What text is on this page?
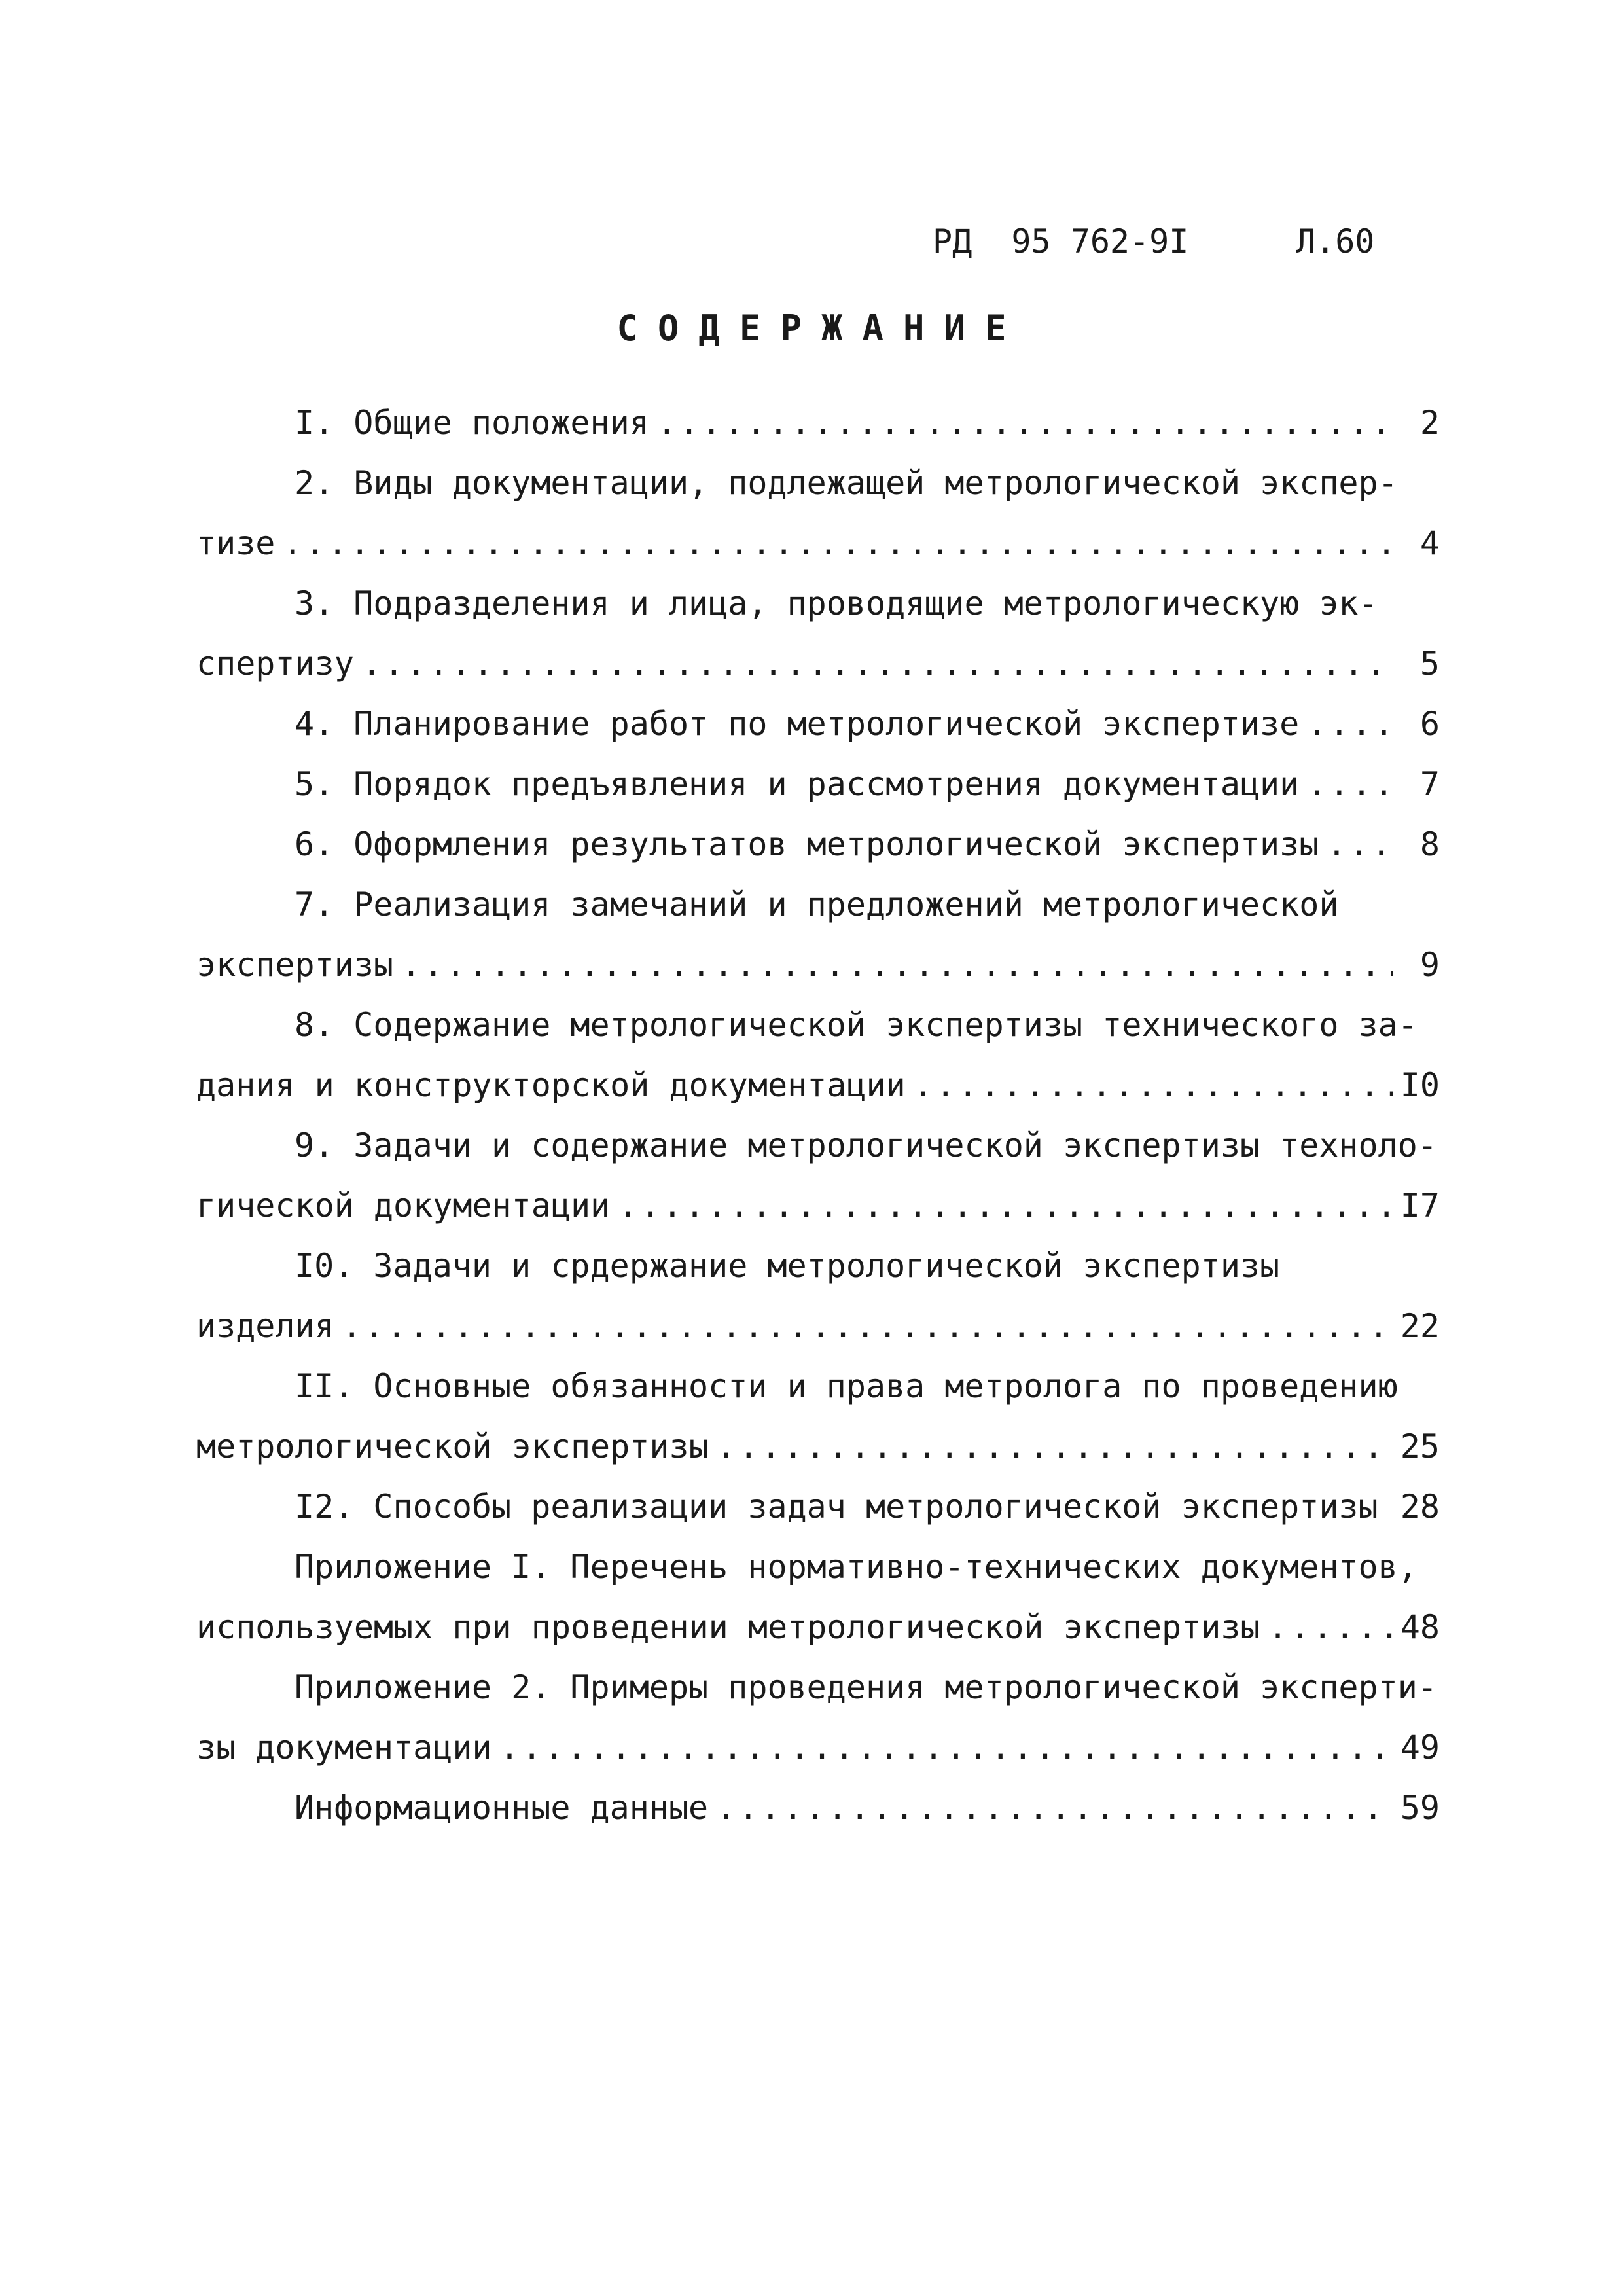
РД  95 762-9I	Л.60
СОДЕРЖАНИЕ
I. Общие положения .....	2
2. Виды документации, подлежащей метрологической экспер-
тизе .....	4
3. Подразделения и лица, проводящие метрологическую эк-
спертизу .....	5
4. Планирование работ по метрологической экспертизе .....	6
5. Порядок предъявления и рассмотрения документации .....	7
6. Оформления результатов метрологической экспертизы .....	8
7. Реализация замечаний и предложений метрологической
экспертизы .....	9
8. Содержание метрологической экспертизы технического за-
дания и конструкторской документации .....	I0
9. Задачи и содержание метрологической экспертизы техноло-
гической документации .....	I7
I0. Задачи и срдержание метрологической экспертизы
изделия .....	22
II. Основные обязанности и права метролога по проведению
метрологической экспертизы .....	25
I2. Способы реализации задач метрологической экспертизы ..... 28
Приложение I. Перечень нормативно-технических документов,
используемых при проведении метрологической экспертизы .....	48
Приложение 2. Примеры проведения метрологической эксперти-
зы документации .....	49
Информационные данные .....	59
